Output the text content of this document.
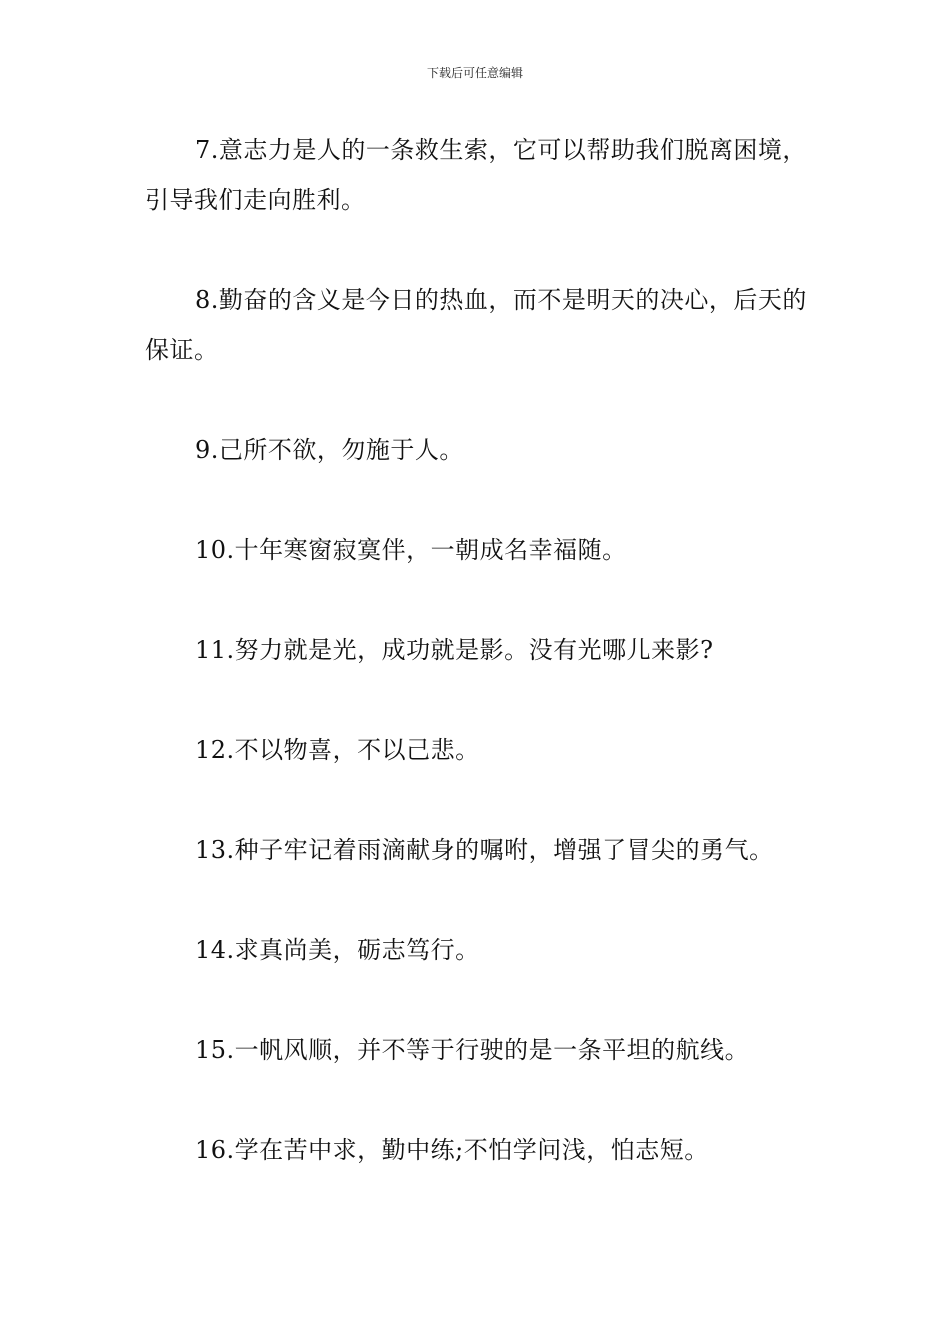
下载后可任意编辑

7.意志力是人的一条救生索，它可以帮助我们脱离困境，引导我们走向胜利。

8.勤奋的含义是今日的热血，而不是明天的决心，后天的保证。

9.己所不欲，勿施于人。

10.十年寒窗寂寞伴，一朝成名幸福随。

11.努力就是光，成功就是影。没有光哪儿来影?

12.不以物喜，不以己悲。

13.种子牢记着雨滴献身的嘱咐，增强了冒尖的勇气。

14.求真尚美，砺志笃行。

15.一帆风顺，并不等于行驶的是一条平坦的航线。

16.学在苦中求，勤中练;不怕学问浅，怕志短。
